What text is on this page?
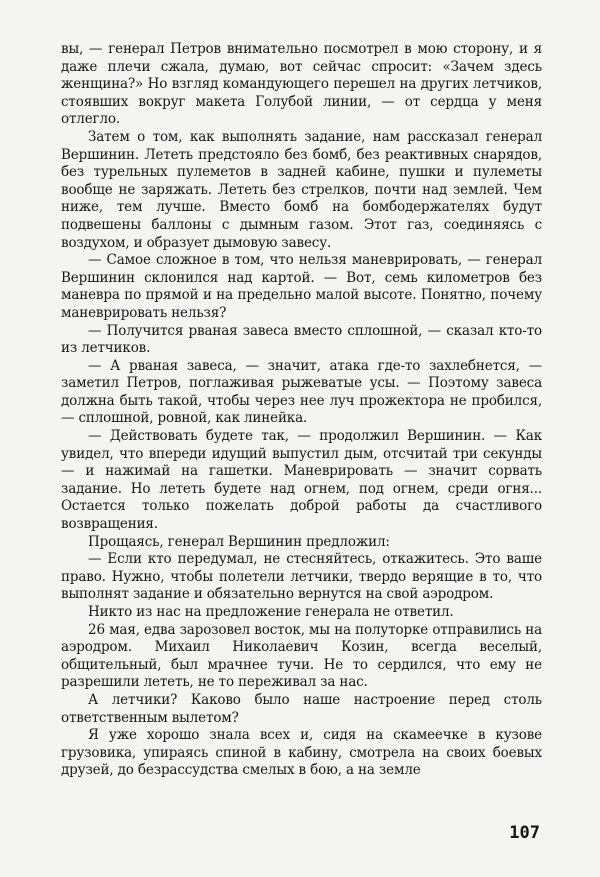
вы, — генерал Петров внимательно посмотрел в мою сторону, и я даже плечи сжала, думаю, вот сейчас спросит: «Зачем здесь женщина?» Но взгляд командующего перешел на других летчиков, стоявших вокруг макета Голубой линии, — от сердца у меня отлегло.

Затем о том, как выполнять задание, нам рассказал генерал Вершинин. Лететь предстояло без бомб, без реактивных снарядов, без турельных пулеметов в задней кабине, пушки и пулеметы вообще не заряжать. Лететь без стрелков, почти над землей. Чем ниже, тем лучше. Вместо бомб на бомбодержателях будут подвешены баллоны с дымным газом. Этот газ, соединяясь с воздухом, и образует дымовую завесу.

— Самое сложное в том, что нельзя маневрировать, — генерал Вершинин склонился над картой. — Вот, семь километров без маневра по прямой и на предельно малой высоте. Понятно, почему маневрировать нельзя?

— Получится рваная завеса вместо сплошной, — сказал кто-то из летчиков.

— А рваная завеса, — значит, атака где-то захлебнется, — заметил Петров, поглаживая рыжеватые усы. — Поэтому завеса должна быть такой, чтобы через нее луч прожектора не пробился, — сплошной, ровной, как линейка.

— Действовать будете так, — продолжил Вершинин. — Как увидел, что впереди идущий выпустил дым, отсчитай три секунды — и нажимай на гашетки. Маневрировать — значит сорвать задание. Но лететь будете над огнем, под огнем, среди огня... Остается только пожелать доброй работы да счастливого возвращения.

Прощаясь, генерал Вершинин предложил:

— Если кто передумал, не стесняйтесь, откажитесь. Это ваше право. Нужно, чтобы полетели летчики, твердо верящие в то, что выполнят задание и обязательно вернутся на свой аэродром.

Никто из нас на предложение генерала не ответил.

26 мая, едва зарозовел восток, мы на полуторке отправились на аэродром. Михаил Николаевич Козин, всегда веселый, общительный, был мрачнее тучи. Не то сердился, что ему не разрешили лететь, не то переживал за нас.

А летчики? Каково было наше настроение перед столь ответственным вылетом?

Я уже хорошо знала всех и, сидя на скамеечке в кузове грузовика, упираясь спиной в кабину, смотрела на своих боевых друзей, до безрассудства смелых в бою, а на земле

107
